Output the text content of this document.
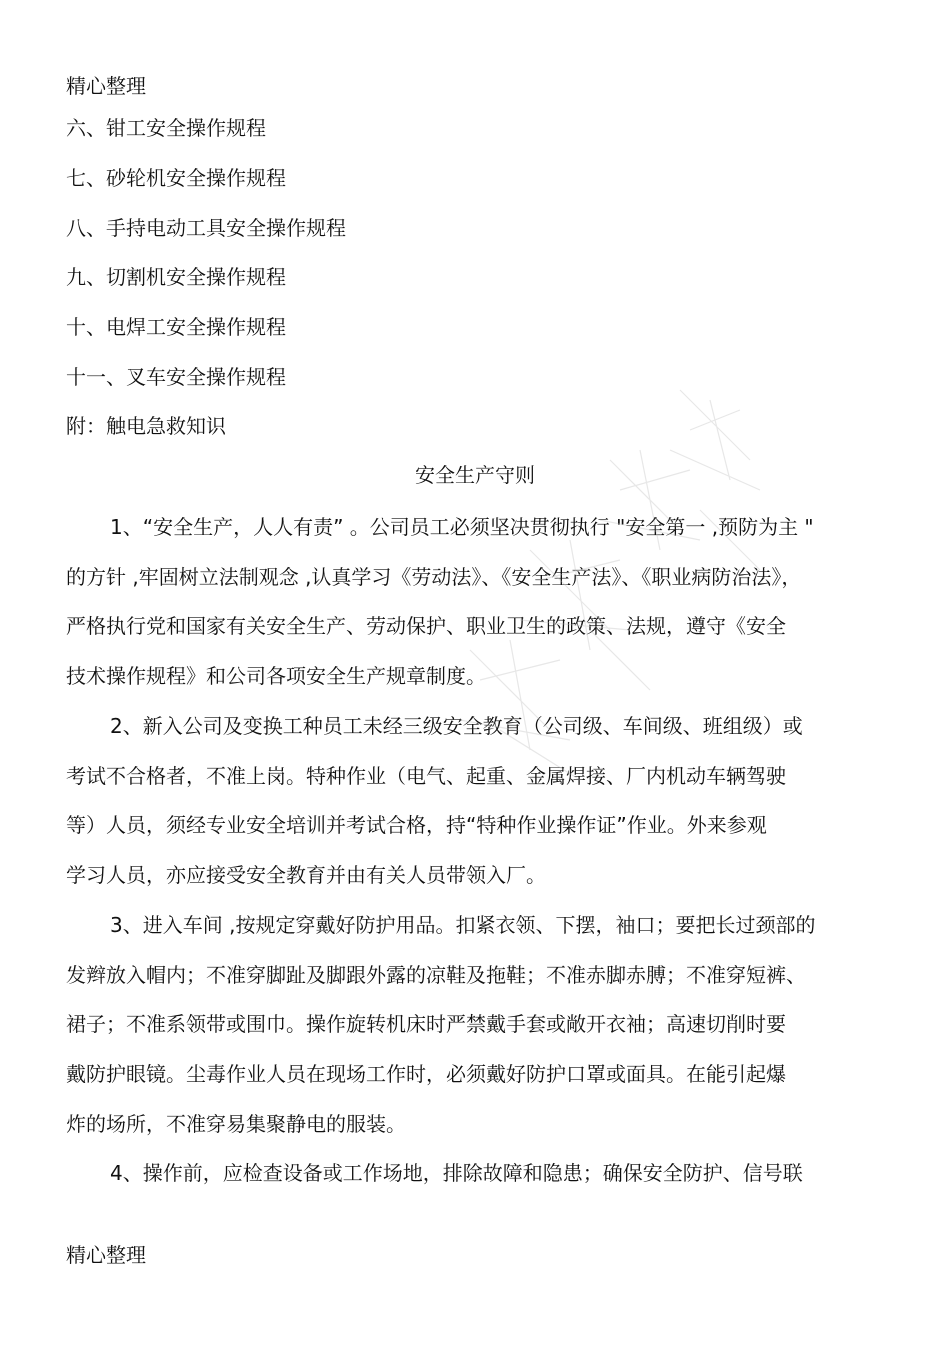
精心整理
六、钳工安全操作规程
七、砂轮机安全操作规程
八、手持电动工具安全操作规程
九、切割机安全操作规程
十、电焊工安全操作规程
十一、叉车安全操作规程
附：触电急救知识
安全生产守则
1、“安全生产，人人有责” 。公司员工必须坚决贯彻执行 "安全第一 ,预防为主 "
的方针 ,牢固树立法制观念 ,认真学习《劳动法》、《安全生产法》、《职业病防治法》，
严格执行党和国家有关安全生产、劳动保护、职业卫生的政策、法规，遵守《安全
技术操作规程》和公司各项安全生产规章制度。
2、新入公司及变换工种员工未经三级安全教育（公司级、车间级、班组级）或
考试不合格者，不准上岗。特种作业（电气、起重、金属焊接、厂内机动车辆驾驶
等）人员，须经专业安全培训并考试合格，持“特种作业操作证”作业。外来参观
学习人员，亦应接受安全教育并由有关人员带领入厂。
3、进入车间 ,按规定穿戴好防护用品。扣紧衣领、下摆，袖口；要把长过颈部的
发辫放入帽内；不准穿脚趾及脚跟外露的凉鞋及拖鞋；不准赤脚赤膊；不准穿短裤、
裙子；不准系领带或围巾。操作旋转机床时严禁戴手套或敞开衣袖；高速切削时要
戴防护眼镜。尘毒作业人员在现场工作时，必须戴好防护口罩或面具。在能引起爆
炸的场所，不准穿易集聚静电的服装。
4、操作前，应检查设备或工作场地，排除故障和隐患；确保安全防护、信号联
精心整理
